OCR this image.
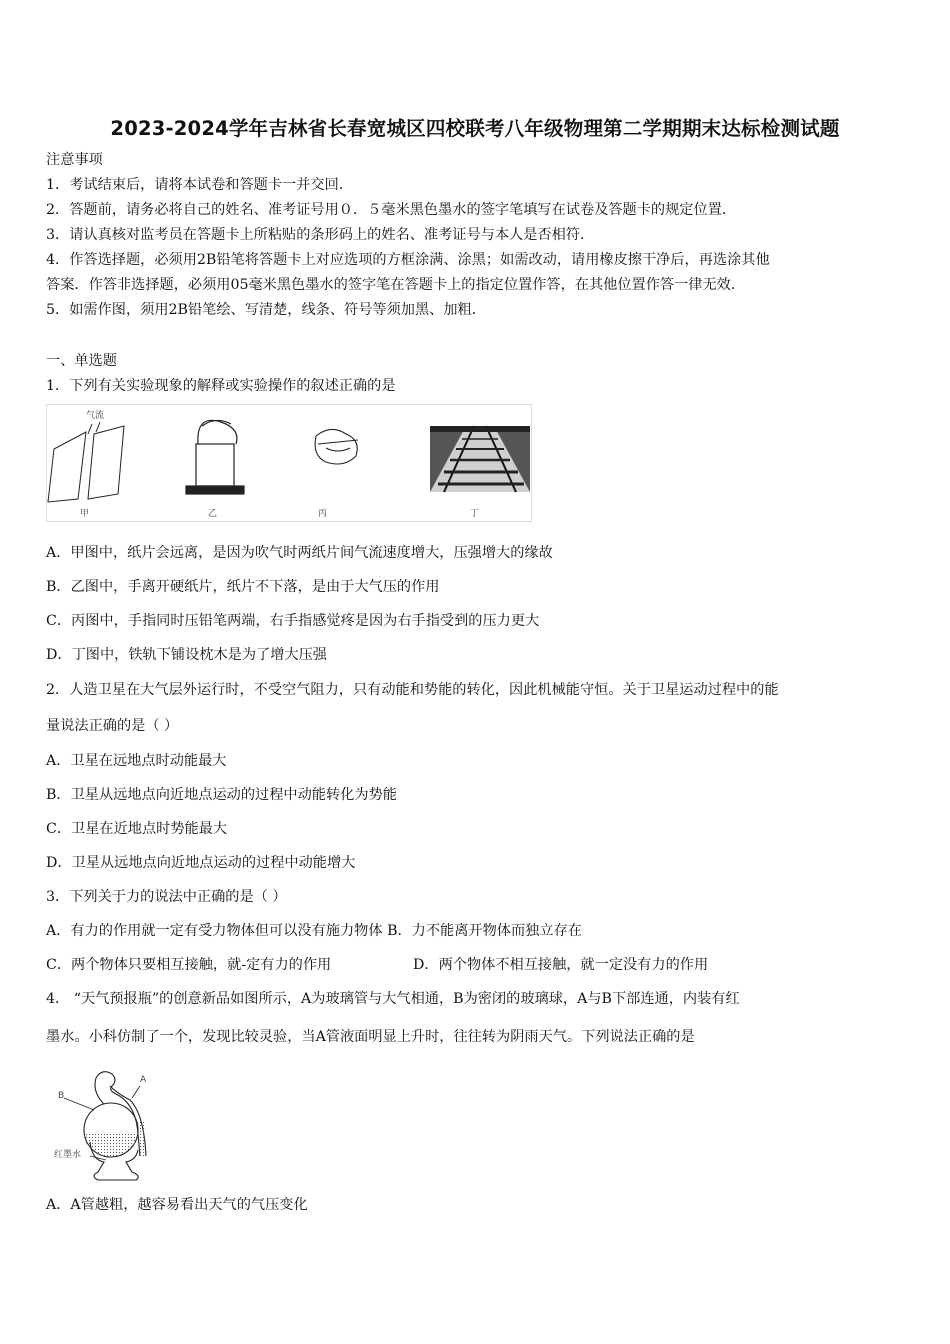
2023-2024学年吉林省长春宽城区四校联考八年级物理第二学期期末达标检测试题
注意事项
1．考试结束后，请将本试卷和答题卡一并交回．
2．答题前，请务必将自己的姓名、准考证号用０．５毫米黑色墨水的签字笔填写在试卷及答题卡的规定位置．
3．请认真核对监考员在答题卡上所粘贴的条形码上的姓名、准考证号与本人是否相符．
4．作答选择题，必须用2B铅笔将答题卡上对应选项的方框涂满、涂黑；如需改动，请用橡皮擦干净后，再选涂其他
答案．作答非选择题，必须用05毫米黑色墨水的签字笔在答题卡上的指定位置作答，在其他位置作答一律无效．
5．如需作图，须用2B铅笔绘、写清楚，线条、符号等须加黑、加粗．
一、单选题
1．下列有关实验现象的解释或实验操作的叙述正确的是
气流
甲	乙	丙	丁
A．甲图中，纸片会远离，是因为吹气时两纸片间气流速度增大，压强增大的缘故
B．乙图中，手离开硬纸片，纸片不下落，是由于大气压的作用
C．丙图中，手指同时压铅笔两端，右手指感觉疼是因为右手指受到的压力更大
D．丁图中，铁轨下铺设枕木是为了增大压强
2．人造卫星在大气层外运行时，不受空气阻力，只有动能和势能的转化，因此机械能守恒。关于卫星运动过程中的能
量说法正确的是（ ）
A．卫星在远地点时动能最大
B．卫星从远地点向近地点运动的过程中动能转化为势能
C．卫星在近地点时势能最大
D．卫星从远地点向近地点运动的过程中动能增大
3．下列关于力的说法中正确的是（ ）
A．有力的作用就一定有受力物体但可以没有施力物体 B．力不能离开物体而独立存在
C．两个物体只要相互接触，就-定有力的作用	D．两个物体不相互接触，就一定没有力的作用
4． “天气预报瓶”的创意新品如图所示，A为玻璃管与大气相通，B为密闭的玻璃球，A与B下部连通，内装有红
墨水。小科仿制了一个，发现比较灵验，当A管液面明显上升时，往往转为阴雨天气。下列说法正确的是
B
A
红墨水
A．A管越粗，越容易看出天气的气压变化
